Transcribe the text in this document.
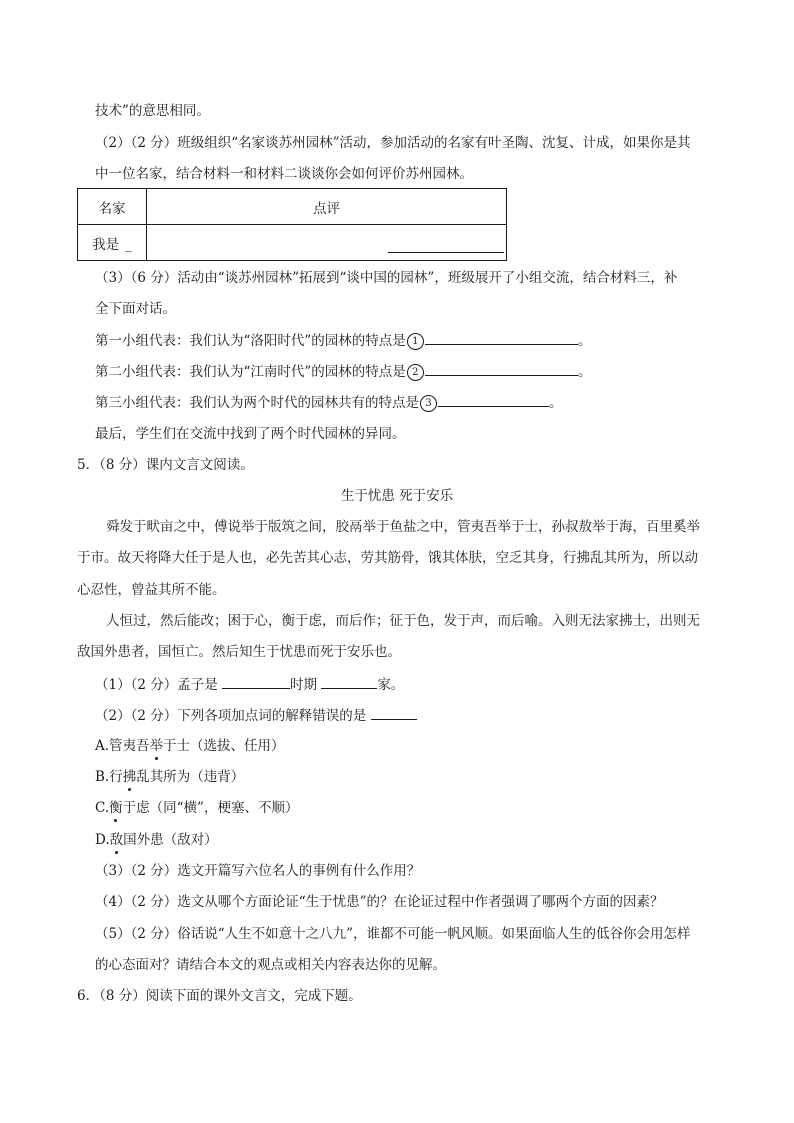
技术”的意思相同。
（2）（2 分）班级组织“名家谈苏州园林”活动，参加活动的名家有叶圣陶、沈复、计成，如果你是其
中一位名家，结合材料一和材料二谈谈你会如何评价苏州园林。
名家	点评
我是 _	
（3）（6 分）活动由“谈苏州园林”拓展到“谈中国的园林”，班级展开了小组交流，结合材料三，补
全下面对话。
第一小组代表：我们认为“洛阳时代”的园林的特点是 1	。
第二小组代表：我们认为“江南时代”的园林的特点是 2	。
第三小组代表：我们认为两个时代的园林共有的特点是 3	。
最后，学生们在交流中找到了两个时代园林的异同。
5．（8 分）课内文言文阅读。
生于忧患 死于安乐
舜发于畎亩之中，傅说举于版筑之间，胶鬲举于鱼盐之中，管夷吾举于士，孙叔敖举于海，百里奚举
于市。故天将降大任于是人也，必先苦其心志，劳其筋骨，饿其体肤，空乏其身，行拂乱其所为，所以动
心忍性，曾益其所不能。
人恒过，然后能改；困于心，衡于虑，而后作；征于色，发于声，而后喻。入则无法家拂士，出则无
敌国外患者，国恒亡。然后知生于忧患而死于安乐也。
（1）（2 分）孟子是	时期	家。
（2）（2 分）下列各项加点词的解释错误的是
A.管夷吾举于士（选拔、任用）
B.行拂乱其所为（违背）
C.衡于虑（同“横”，梗塞、不顺）
D.敌国外患（敌对）
（3）（2 分）选文开篇写六位名人的事例有什么作用？
（4）（2 分）选文从哪个方面论证“生于忧患”的？在论证过程中作者强调了哪两个方面的因素？
（5）（2 分）俗话说“人生不如意十之八九”，谁都不可能一帆风顺。如果面临人生的低谷你会用怎样
的心态面对？请结合本文的观点或相关内容表达你的见解。
6．（8 分）阅读下面的课外文言文，完成下题。
